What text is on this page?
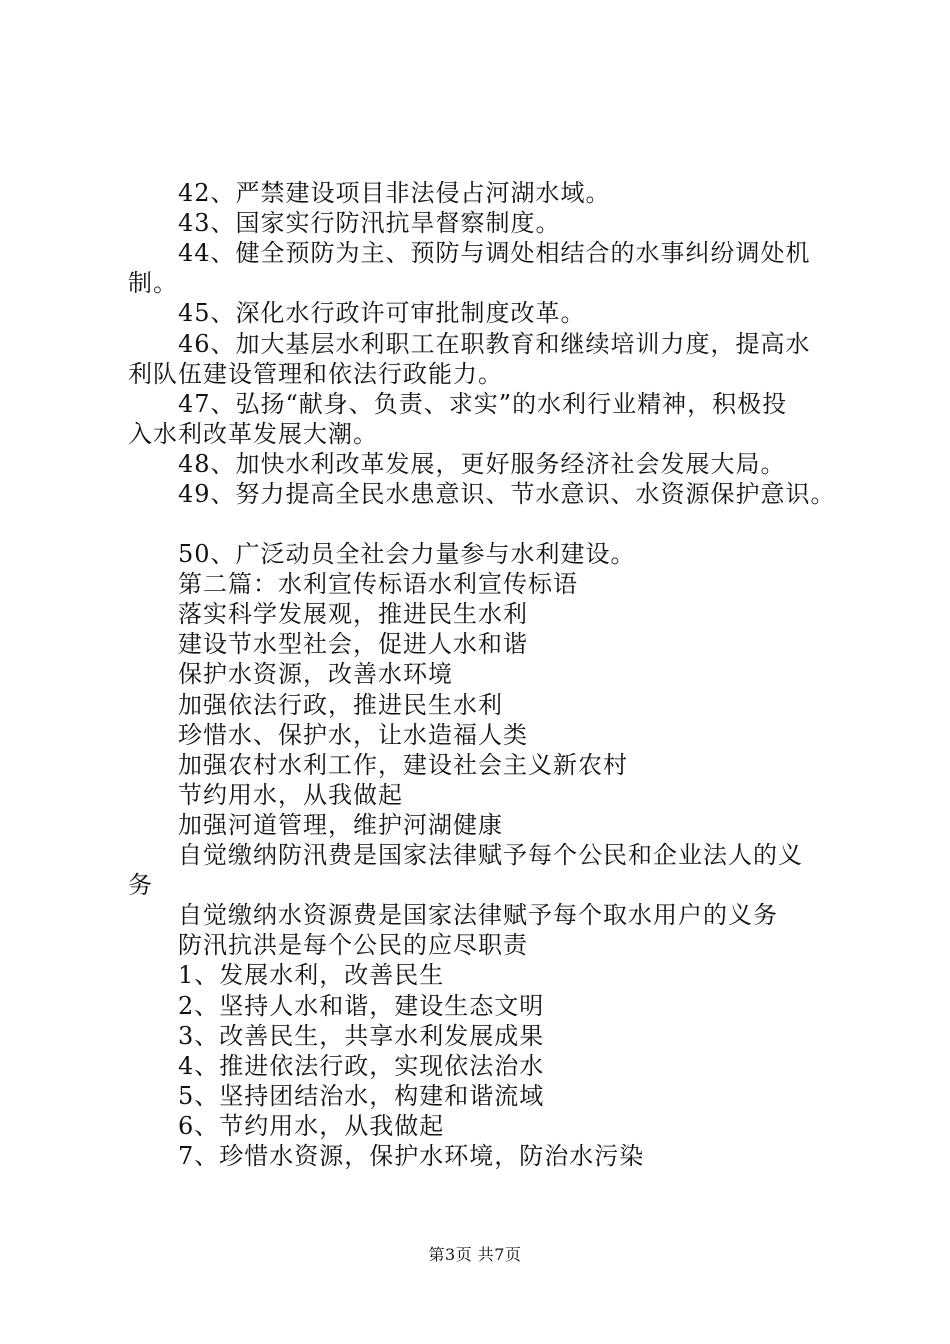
42、严禁建设项目非法侵占河湖水域。
43、国家实行防汛抗旱督察制度。
44、健全预防为主、预防与调处相结合的水事纠纷调处机
制。
45、深化水行政许可审批制度改革。
46、加大基层水利职工在职教育和继续培训力度，提高水
利队伍建设管理和依法行政能力。
47、弘扬“献身、负责、求实”的水利行业精神，积极投
入水利改革发展大潮。
48、加快水利改革发展，更好服务经济社会发展大局。
49、努力提高全民水患意识、节水意识、水资源保护意识。
50、广泛动员全社会力量参与水利建设。
第二篇：水利宣传标语水利宣传标语
落实科学发展观，推进民生水利
建设节水型社会，促进人水和谐
保护水资源，改善水环境
加强依法行政，推进民生水利
珍惜水、保护水，让水造福人类
加强农村水利工作，建设社会主义新农村
节约用水，从我做起
加强河道管理，维护河湖健康
自觉缴纳防汛费是国家法律赋予每个公民和企业法人的义
务
自觉缴纳水资源费是国家法律赋予每个取水用户的义务
防汛抗洪是每个公民的应尽职责
1、发展水利，改善民生
2、坚持人水和谐，建设生态文明
3、改善民生，共享水利发展成果
4、推进依法行政，实现依法治水
5、坚持团结治水，构建和谐流域
6、节约用水，从我做起
7、珍惜水资源，保护水环境，防治水污染
第3页 共7页
